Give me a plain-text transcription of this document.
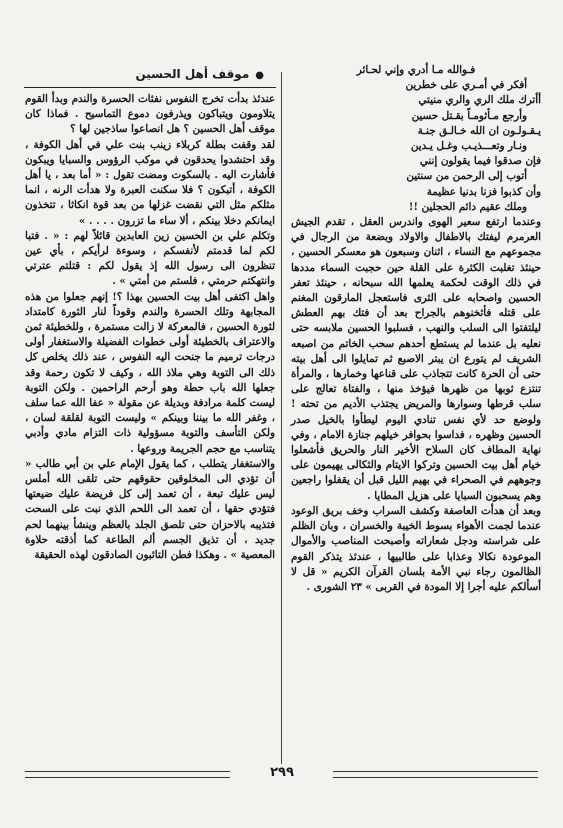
●موقف أهل الحسين	فـوالله مـا أدري وإني لحـائر

أفكر في أمـري على خطرين

أأترك ملك الري والري منيتي

وأرجع مـأثومـاً بقـتل حسين

يـقـولـون ان الله خـالـق جنـة

ونـار وتعـــذيـب وغـل يـدين

فإن صدقوا فيما يقولون إنني

أتوب إلى الرحمن من سنتين

وأن كذبوا فزنا بدنيا عظيمة

وملك عقيم دائم الحجلين !!

وعندما ارتفع سعير الهوى واندرس العقل ، تقدم الجيش العرمرم ليفتك بالاطفال والاولاد وبضعة من الرجال في مجموعهم مع النساء ، اثنان وسبعون هو معسكر الحسين ، حينئذ تغلبت الكثرة على القلة حين حجبت السماء مددها في ذلك الوقت لحكمة يعلمها الله سبحانه ، حينئذ تعفر الحسين واصحابه على الثرى فاستعجل المارقون المغنم على قتله فأثخنوهم بالجراح بعد أن فتك بهم العطش ليلتفتوا الى السلب والنهب ، فسلبوا الحسين ملابسه حتى نعليه بل عندما لم يستطع أحدهم سحب الخاتم من اصبعه الشريف لم يتورع ان يبتر الاصبع ثم تمايلوا الى أهل بيته حتى أن الحرة كانت تتجاذب على قناعها وخمارها ، والمرأة تنتزع ثوبها من ظهرها فيؤخذ منها ، والفتاة تعالج على سلب قرطها وسوارها والمريض يجتذب الأديم من تحته ! ولوضع حد لأي نفس تنادي اليوم ليطأوا بالخيل صدر الحسين وظهره ، فداسوا بحوافر خيلهم جنازة الامام ، وفي نهاية المطاف كان السلاح الأخير النار والحريق فأشعلوا خيام أهل بيت الحسين وتركوا الايتام والثكالى يهيمون على وجوههم في الصحراء في بهيم الليل قبل أن يقفلوا راجعين وهم يسحبون السبايا على هزيل المطايا .

وبعد أن هدأت العاصفة وكشف السراب وخف بريق الوعود عندما لجمت الأهواء بسوط الخيبة والخسران ، وبان الظلم على شراسته ودجل شعاراته وأصبحت المناصب والأموال الموعودة نكالا وعذابا على طالبيها ، عندئذ يتذكر القوم الظالمون رجاء نبي الأمة بلسان القرآن الكريم « قل لا أسألكم عليه أجرا إلا المودة في القربى » ٢٣ الشورى .

عندئذ بدأت تخرج النفوس نفثات الحسرة والندم وبدأ القوم يتلاومون ويتباكون ويذرفون دموع التماسيح . فماذا كان موقف أهل الحسين ؟ هل انصاعوا ساذجين لها ؟

لقد وقفت بطلة كربلاء زينب بنت علي في أهل الكوفة ، وقد احتشدوا يحدقون في موكب الرؤوس والسبايا ويبكون فأشارت اليه . بالسكوت ومضت تقول : « أما بعد ، يا أهل الكوفة ، أتبكون ؟ فلا سكنت العبرة ولا هدأت الرنه ، انما مثلكم مثل التي نقضت غزلها من بعد قوة انكاثا ، تتخذون ايمانكم دخلا بينكم ، ألا ساء ما تزرون . . . . »

وتكلم علي بن الحسين زين العابدين قائلاً لهم : « . فتبا لكم لما قدمتم لأنفسكم ، وسوءة لرأيكم ، بأي عين تنظرون الى رسول الله إذ يقول لكم : قتلتم عترتي وانتهكتم حرمتي ، فلستم من أمتي » .

واهل اكتفى أهل بيت الحسين بهذا ؟! إنهم جعلوا من هذه المجابهة وتلك الحسرة والندم وقوداً لنار الثورة كامتداد لثورة الحسين ، فالمعركة لا زالت مستمرة ، وللخطيئة ثمن والاعتراف بالخطيئة أولى خطوات الفضيلة والاستغفار أولى درجات ترميم ما جنحت اليه النفوس ، عند ذلك يخلص كل ذلك الى التوبة وهي ملاذ الله ، وكيف لا تكون رحمة وقد جعلها الله باب حطة وهو أرحم الراحمين . ولكن التوبة ليست كلمة مرادفة وبديلة عن مقولة « عفا الله عما سلف ، وغفر الله ما بيننا وبينكم » وليست التوبة لقلقة لسان ، ولكن التأسف والتوبة مسؤولية ذات التزام مادي وأدبي يتناسب مع حجم الجريمة وروعها .

والاستغفار يتطلب ، كما يقول الإمام علي بن أبي طالب « أن تؤدي الى المخلوقين حقوقهم حتى تلقى الله أملس ليس عليك تبعة ، أن تعمد إلى كل فريضة عليك ضيعتها فتؤدي حقها ، أن تعمد الى اللحم الذي نبت على السحت فتذيبه بالاحزان حتى تلصق الجلد بالعظم وينشأ بينهما لحم جديد ، أن تذيق الجسم ألم الطاعة كما أذقته حلاوة المعصية » . وهكذا فطن التائبون الصادقون لهذه الحقيقة

٢٩٩
